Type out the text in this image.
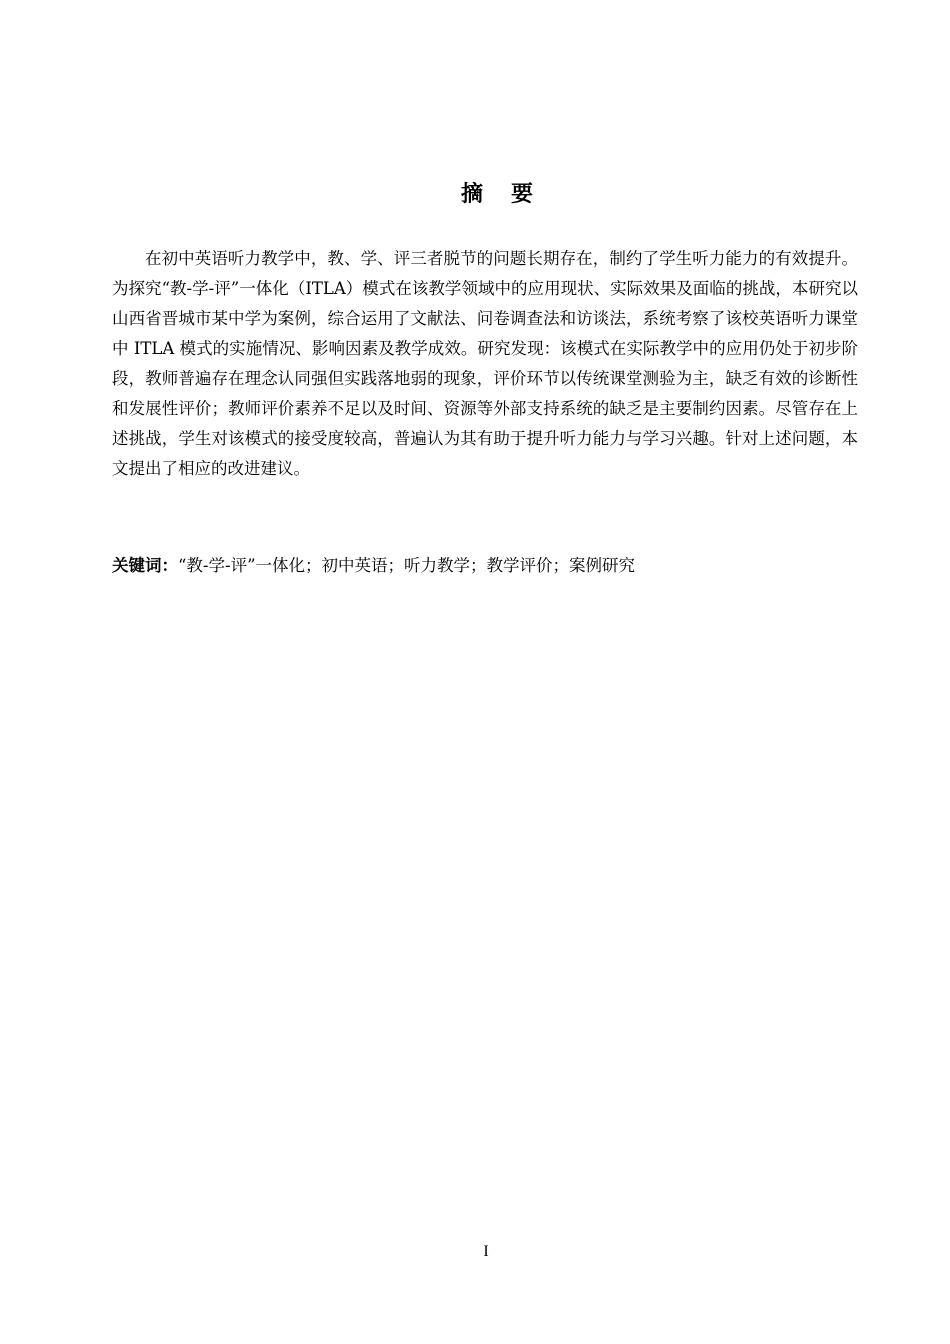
摘要

在初中英语听力教学中，教、学、评三者脱节的问题长期存在，制约了学生听力能力的有效提升。为探究“教-学-评”一体化（ITLA）模式在该教学领域中的应用现状、实际效果及面临的挑战，本研究以山西省晋城市某中学为案例，综合运用了文献法、问卷调查法和访谈法，系统考察了该校英语听力课堂中 ITLA 模式的实施情况、影响因素及教学成效。研究发现：该模式在实际教学中的应用仍处于初步阶段，教师普遍存在理念认同强但实践落地弱的现象，评价环节以传统课堂测验为主，缺乏有效的诊断性和发展性评价；教师评价素养不足以及时间、资源等外部支持系统的缺乏是主要制约因素。尽管存在上述挑战，学生对该模式的接受度较高，普遍认为其有助于提升听力能力与学习兴趣。针对上述问题，本文提出了相应的改进建议。

关键词：“教-学-评”一体化；初中英语；听力教学；教学评价；案例研究

I
